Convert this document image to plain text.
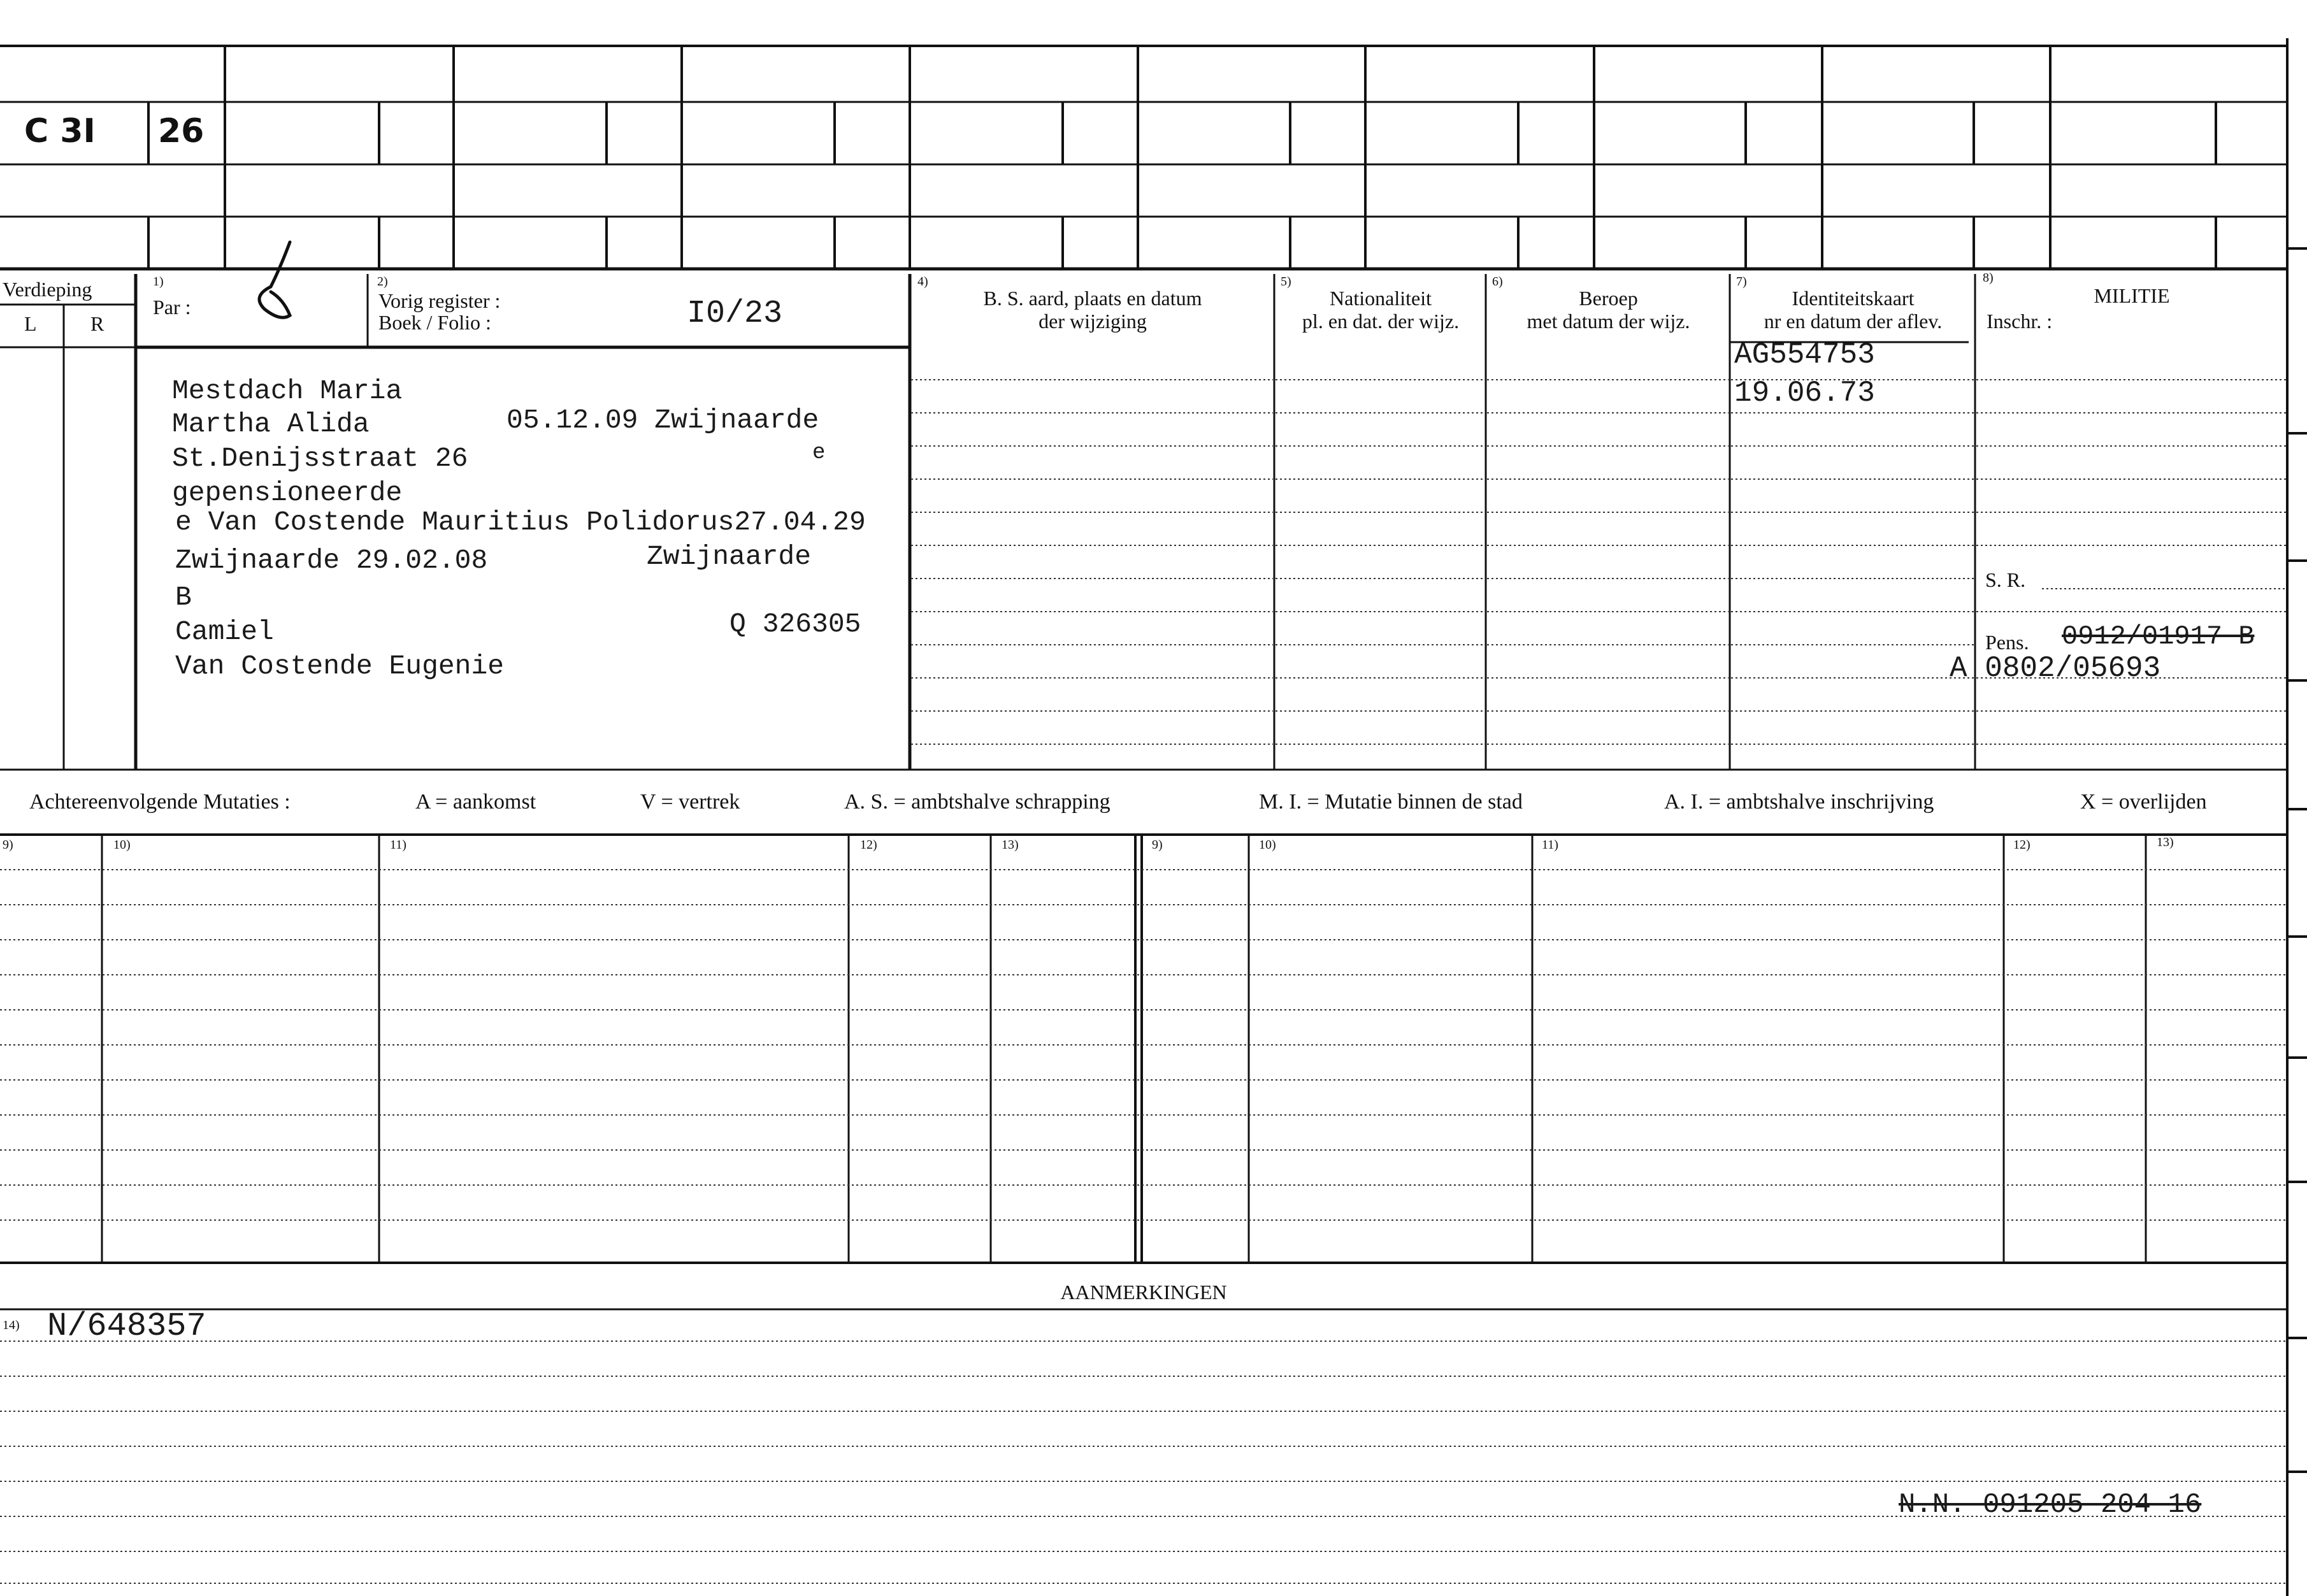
C 3I 26
Verdieping
L	R
1)
Par :
2)
Vorig register :
Boek / Folio :	I0/23
4)
B. S. aard, plaats en datum
der wijziging
5)
Nationaliteit
pl. en dat. der wijz.
6)
Beroep
met datum der wijz.
7)
Identiteitskaart
nr en datum der aflev.
8)
MILITIE
Inschr. :
Mestdach Maria
Martha Alida	05.12.09 Zwijnaarde
St.Denijsstraat 26	e
gepensioneerde
e Van Costende Mauritius Polidorus27.04.29
Zwijnaarde 29.02.08	Zwijnaarde
B
Camiel	Q 326305
Van Costende Eugenie
AG554753
19.06.73
S. R.
Pens. 0912/01917 B
A 0802/05693
Achtereenvolgende Mutaties :	A = aankomst	V = vertrek	A. S. = ambtshalve schrapping	M. I. = Mutatie binnen de stad	A. I. = ambtshalve inschrijving	X = overlijden
9)	10)	11)	12)	13)	9)	10)	11)	12)	13)
AANMERKINGEN
14) N/648357
N.N. 091205 204 16
